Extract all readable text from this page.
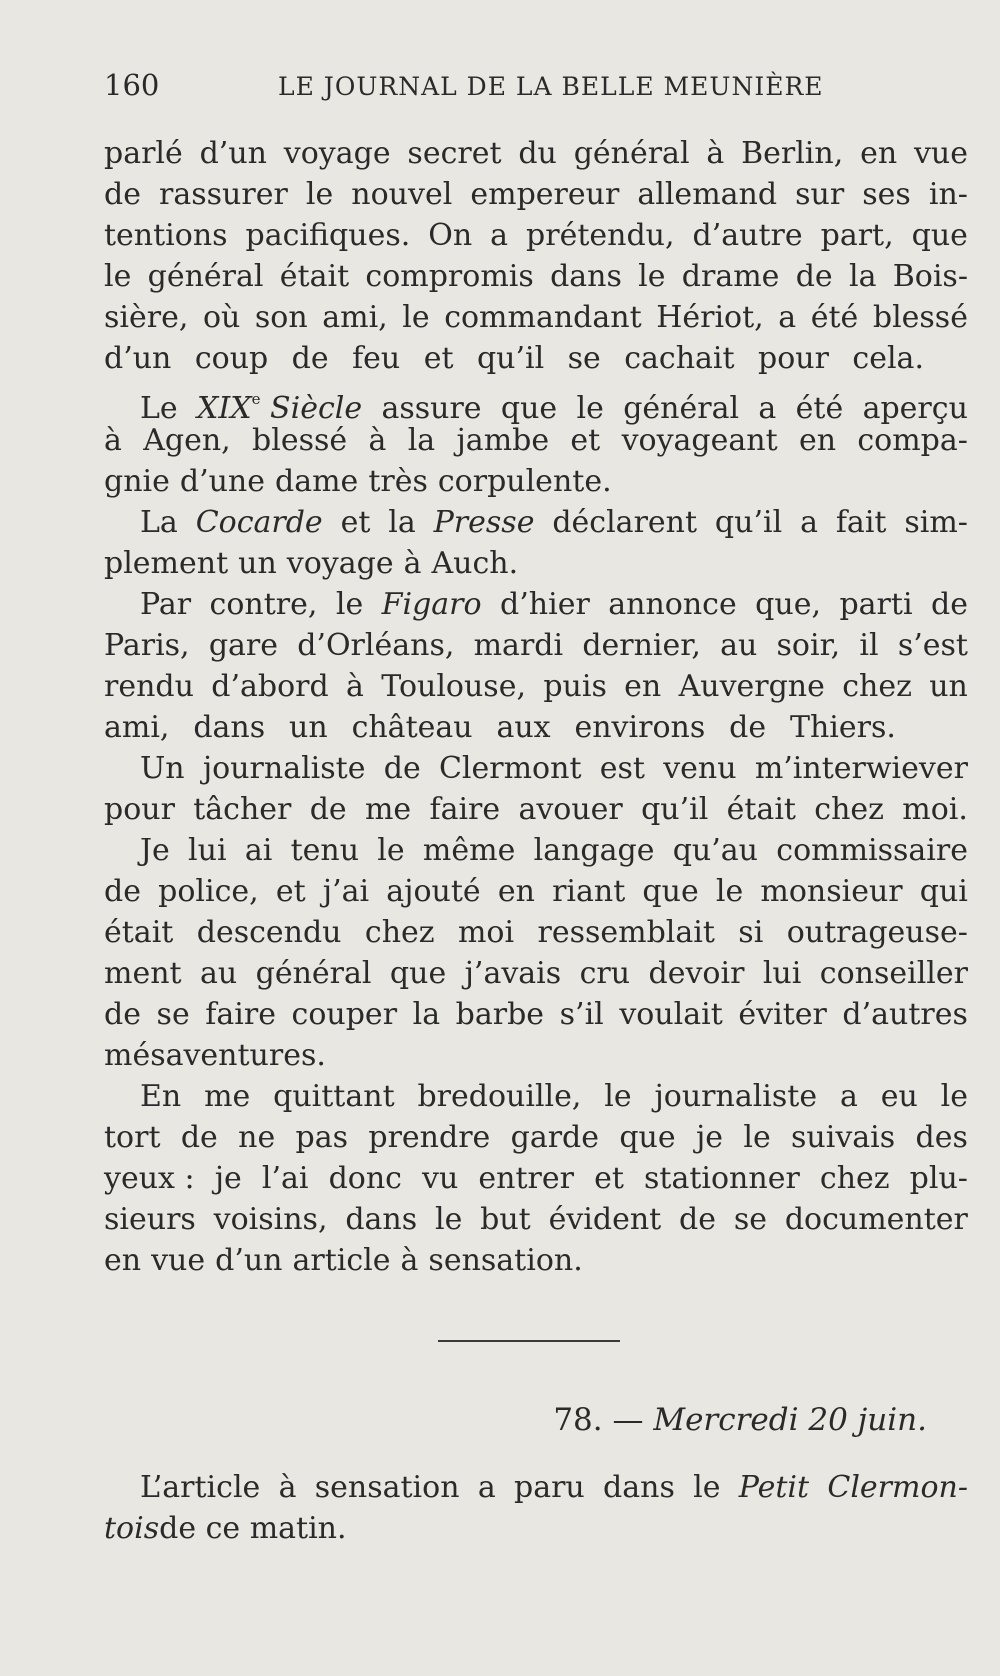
160	LE JOURNAL DE LA BELLE MEUNIÈRE
parlé d’un voyage secret du général à Berlin, en vue
de rassurer le nouvel empereur allemand sur ses in-
tentions pacifiques. On a prétendu, d’autre part, que
le général était compromis dans le drame de la Bois-
sière, où son ami, le commandant Hériot, a été blessé
d’un coup de feu et qu’il se cachait pour cela.
Le XIXe Siècle assure que le général a été aperçu
à Agen, blessé à la jambe et voyageant en compa-
gnie d’une dame très corpulente.
La Cocarde et la Presse déclarent qu’il a fait sim-
plement un voyage à Auch.
Par contre, le Figaro d’hier annonce que, parti de
Paris, gare d’Orléans, mardi dernier, au soir, il s’est
rendu d’abord à Toulouse, puis en Auvergne chez un
ami, dans un château aux environs de Thiers.
Un journaliste de Clermont est venu m’interwiever
pour tâcher de me faire avouer qu’il était chez moi.
Je lui ai tenu le même langage qu’au commissaire
de police, et j’ai ajouté en riant que le monsieur qui
était descendu chez moi ressemblait si outrageuse-
ment au général que j’avais cru devoir lui conseiller
de se faire couper la barbe s’il voulait éviter d’autres
mésaventures.
En me quittant bredouille, le journaliste a eu le
tort de ne pas prendre garde que je le suivais des
yeux : je l’ai donc vu entrer et stationner chez plu-
sieurs voisins, dans le but évident de se documenter
en vue d’un article à sensation.
78. — Mercredi 20 juin.
L’article à sensation a paru dans le Petit Clermon-
tois de ce matin.
